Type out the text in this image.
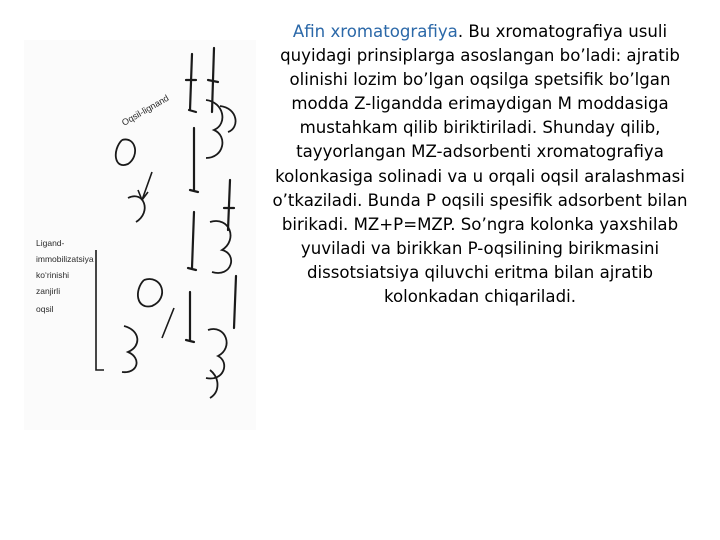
Oqsil-lignand
Ligand-
immobilizatsiya
ko‘rinishi
zanjirli
oqsil
Afin xromatografiya. Bu xromatografiya usuli quyidagi prinsiplarga asoslangan bo’ladi: ajratib olinishi lozim bo’lgan oqsilga spetsifik bo’lgan modda Z-ligandda erimaydigan M moddasiga mustahkam qilib biriktiriladi. Shunday qilib, tayyorlangan MZ-adsorbenti xromatografiya kolonkasiga solinadi va u orqali oqsil aralashmasi o’tkaziladi. Bunda P oqsili spesifik adsorbent bilan birikadi. MZ+P=MZP. So’ngra kolonka yaxshilab yuviladi va birikkan P-oqsilining birikmasini dissotsiatsiya qiluvchi eritma bilan ajratib kolonkadan chiqariladi.
